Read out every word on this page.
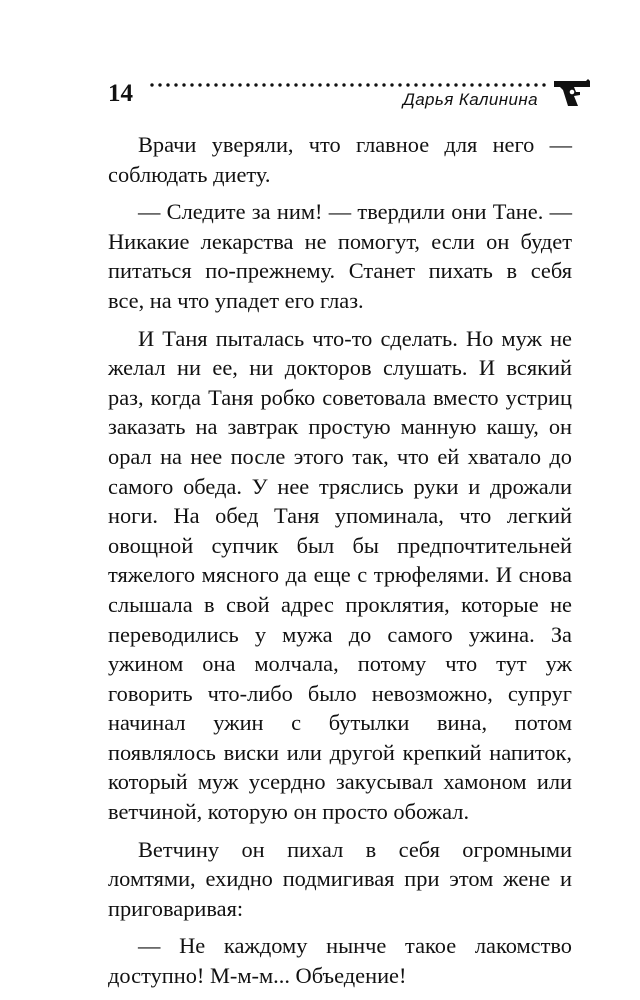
14	Дарья Калинина

Врачи уверяли, что главное для него — соблюдать диету.

— Следите за ним! — твердили они Тане. — Никакие лекарства не помогут, если он будет питаться по-прежнему. Станет пихать в себя все, на что упадет его глаз.

И Таня пыталась что-то сделать. Но муж не желал ни ее, ни докторов слушать. И всякий раз, когда Таня робко советовала вместо устриц заказать на завтрак простую манную кашу, он орал на нее после этого так, что ей хватало до самого обеда. У нее тряслись руки и дрожали ноги. На обед Таня упоминала, что легкий овощной супчик был бы предпочтительней тяжелого мясного да еще с трюфелями. И снова слышала в свой адрес проклятия, которые не переводились у мужа до самого ужина. За ужином она молчала, потому что тут уж говорить что-либо было невозможно, супруг начинал ужин с бутылки вина, потом появлялось виски или другой крепкий напиток, который муж усердно закусывал хамоном или ветчиной, которую он просто обожал.

Ветчину он пихал в себя огромными ломтями, ехидно подмигивая при этом жене и приговаривая:

— Не каждому нынче такое лакомство доступно! М-м-м... Объедение!
